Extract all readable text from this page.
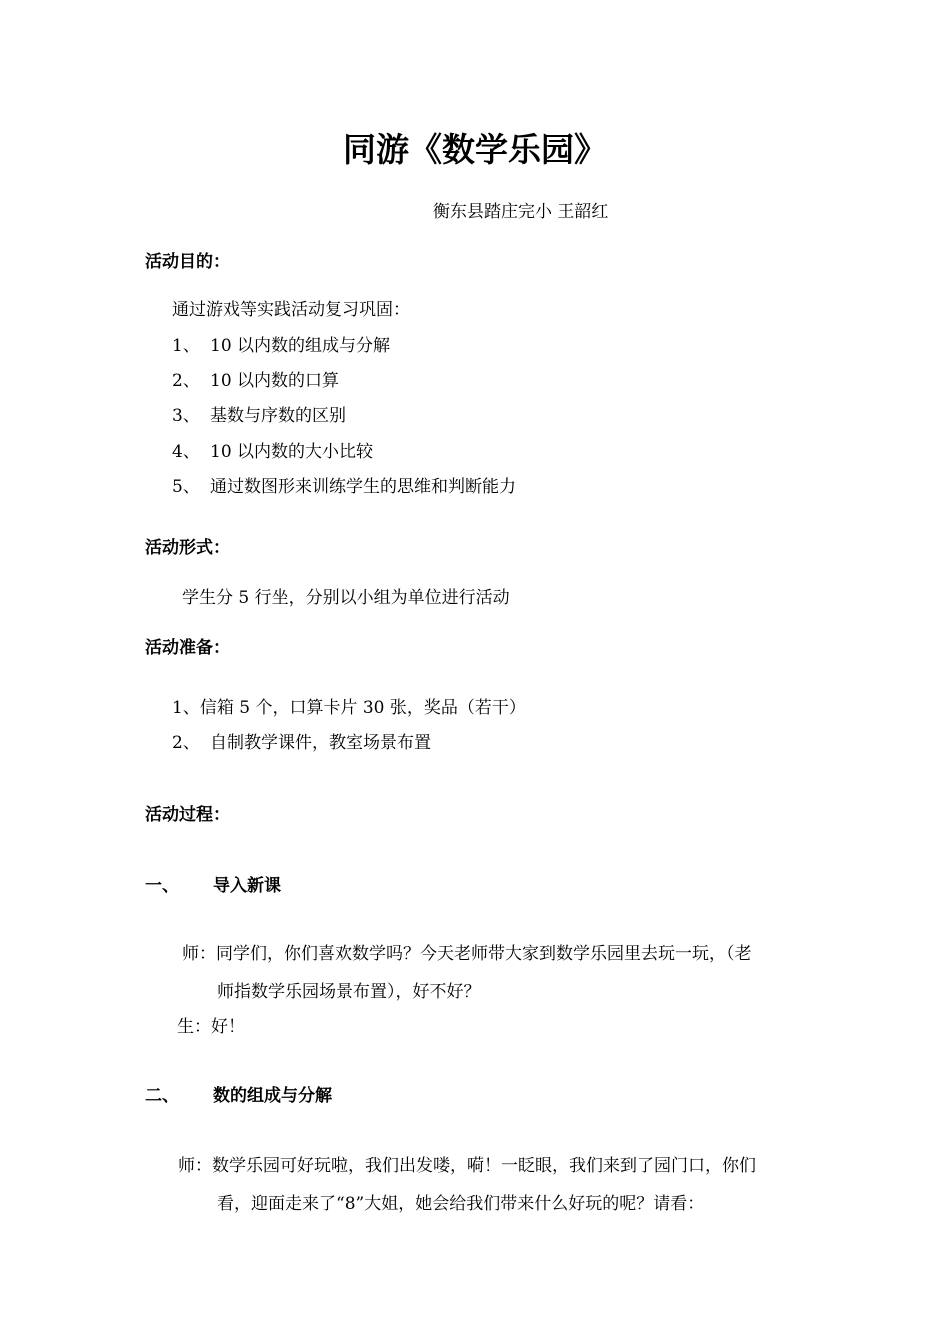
同游《数学乐园》
衡东县踏庄完小 王韶红
活动目的：
通过游戏等实践活动复习巩固：
1、 10 以内数的组成与分解
2、 10 以内数的口算
3、 基数与序数的区别
4、 10 以内数的大小比较
5、 通过数图形来训练学生的思维和判断能力
活动形式：
学生分 5 行坐，分别以小组为单位进行活动
活动准备：
1、信箱 5 个，口算卡片 30 张，奖品（若干）
2、 自制教学课件，教室场景布置
活动过程：
一、 导入新课
师：同学们，你们喜欢数学吗？今天老师带大家到数学乐园里去玩一玩，（老
师指数学乐园场景布置），好不好？
生：好！
二、 数的组成与分解
师：数学乐园可好玩啦，我们出发喽，嗬！一眨眼，我们来到了园门口，你们
看，迎面走来了“8”大姐，她会给我们带来什么好玩的呢？请看：
